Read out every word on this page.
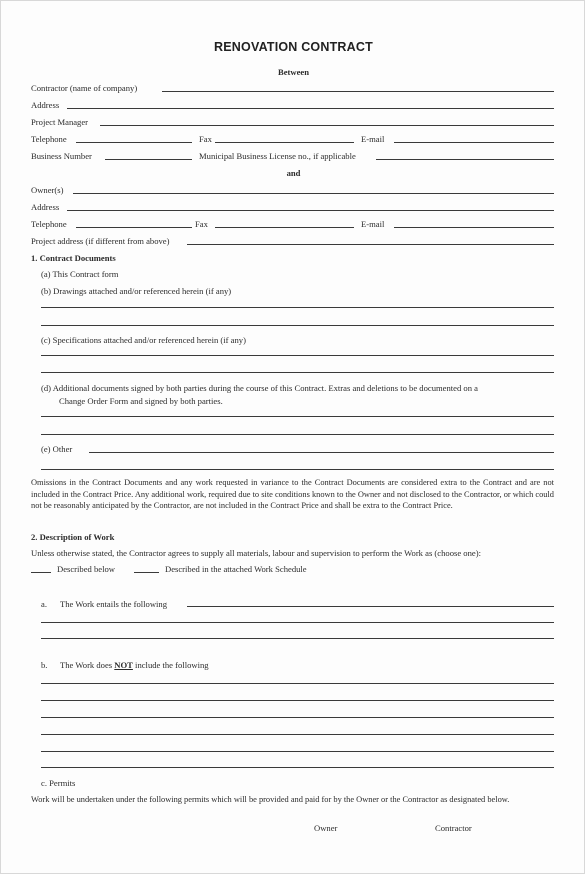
RENOVATION CONTRACT
Between
Contractor (name of company)
Address
Project Manager
Telephone	Fax	E-mail
Business Number	Municipal Business License no., if applicable
and
Owner(s)
Address
Telephone	Fax	E-mail
Project address (if different from above)
1. Contract Documents
(a) This Contract form
(b) Drawings attached and/or referenced herein (if any)
(c) Specifications attached and/or referenced herein (if any)
(d) Additional documents signed by both parties during the course of this Contract. Extras and deletions to be documented on a
Change Order Form and signed by both parties.
(e) Other
Omissions in the Contract Documents and any work requested in variance to the Contract Documents are considered extra to the Contract and are not included in the Contract Price. Any additional work, required due to site conditions known to the Owner and not disclosed to the Contractor, or which could not be reasonably anticipated by the Contractor, are not included in the Contract Price and shall be extra to the Contract Price.
2. Description of Work
Unless otherwise stated, the Contractor agrees to supply all materials, labour and supervision to perform the Work as (choose one):
Described below	Described in the attached Work Schedule
a. The Work entails the following
b. The Work does NOT include the following
c. Permits
Work will be undertaken under the following permits which will be provided and paid for by the Owner or the Contractor as designated below.
Owner	Contractor
